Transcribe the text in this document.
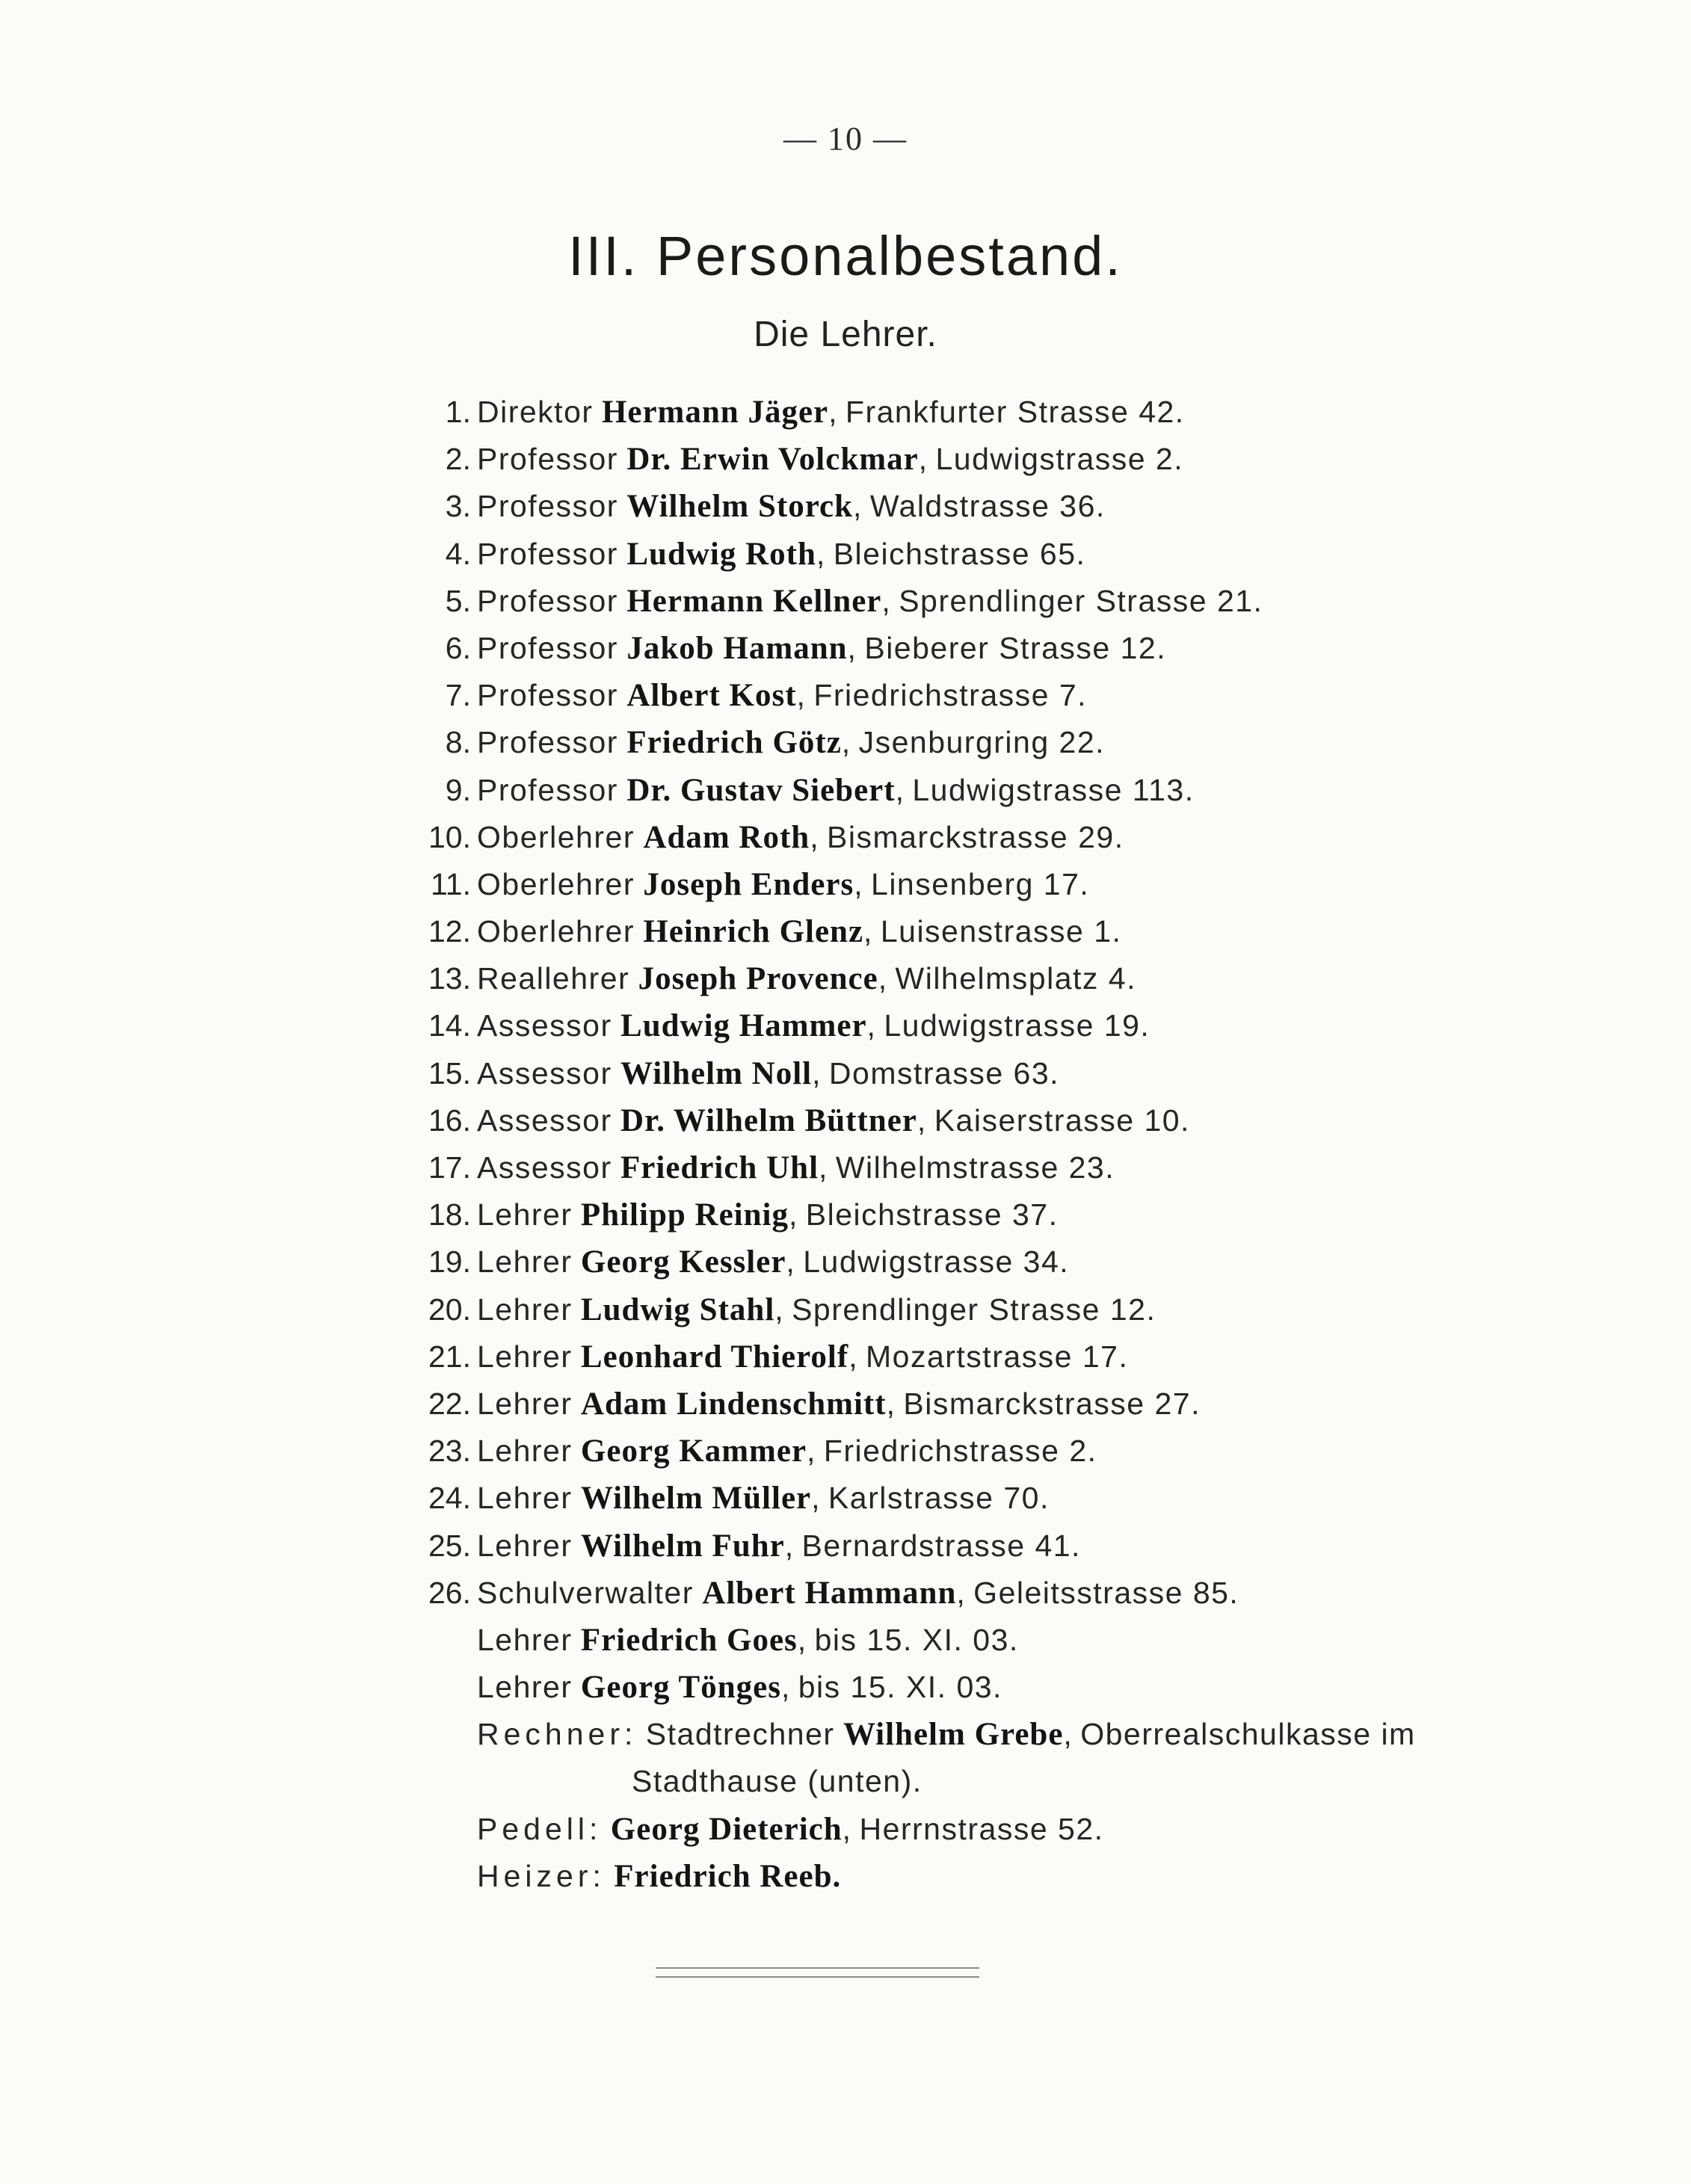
— 10 —
III. Personalbestand.
Die Lehrer.
1. Direktor Hermann Jäger, Frankfurter Strasse 42.
2. Professor Dr. Erwin Volckmar, Ludwigstrasse 2.
3. Professor Wilhelm Storck, Waldstrasse 36.
4. Professor Ludwig Roth, Bleichstrasse 65.
5. Professor Hermann Kellner, Sprendlinger Strasse 21.
6. Professor Jakob Hamann, Bieberer Strasse 12.
7. Professor Albert Kost, Friedrichstrasse 7.
8. Professor Friedrich Götz, Jsenburgring 22.
9. Professor Dr. Gustav Siebert, Ludwigstrasse 113.
10. Oberlehrer Adam Roth, Bismarckstrasse 29.
11. Oberlehrer Joseph Enders, Linsenberg 17.
12. Oberlehrer Heinrich Glenz, Luisenstrasse 1.
13. Reallehrer Joseph Provence, Wilhelmsplatz 4.
14. Assessor Ludwig Hammer, Ludwigstrasse 19.
15. Assessor Wilhelm Noll, Domstrasse 63.
16. Assessor Dr. Wilhelm Büttner, Kaiserstrasse 10.
17. Assessor Friedrich Uhl, Wilhelmstrasse 23.
18. Lehrer Philipp Reinig, Bleichstrasse 37.
19. Lehrer Georg Kessler, Ludwigstrasse 34.
20. Lehrer Ludwig Stahl, Sprendlinger Strasse 12.
21. Lehrer Leonhard Thierolf, Mozartstrasse 17.
22. Lehrer Adam Lindenschmitt, Bismarckstrasse 27.
23. Lehrer Georg Kammer, Friedrichstrasse 2.
24. Lehrer Wilhelm Müller, Karlstrasse 70.
25. Lehrer Wilhelm Fuhr, Bernardstrasse 41.
26. Schulverwalter Albert Hammann, Geleitsstrasse 85.
Lehrer Friedrich Goes, bis 15. XI. 03.
Lehrer Georg Tönges, bis 15. XI. 03.
Rechner: Stadtrechner Wilhelm Grebe, Oberrealschulkasse im
Stadthause (unten).
Pedell: Georg Dieterich, Herrnstrasse 52.
Heizer: Friedrich Reeb.
